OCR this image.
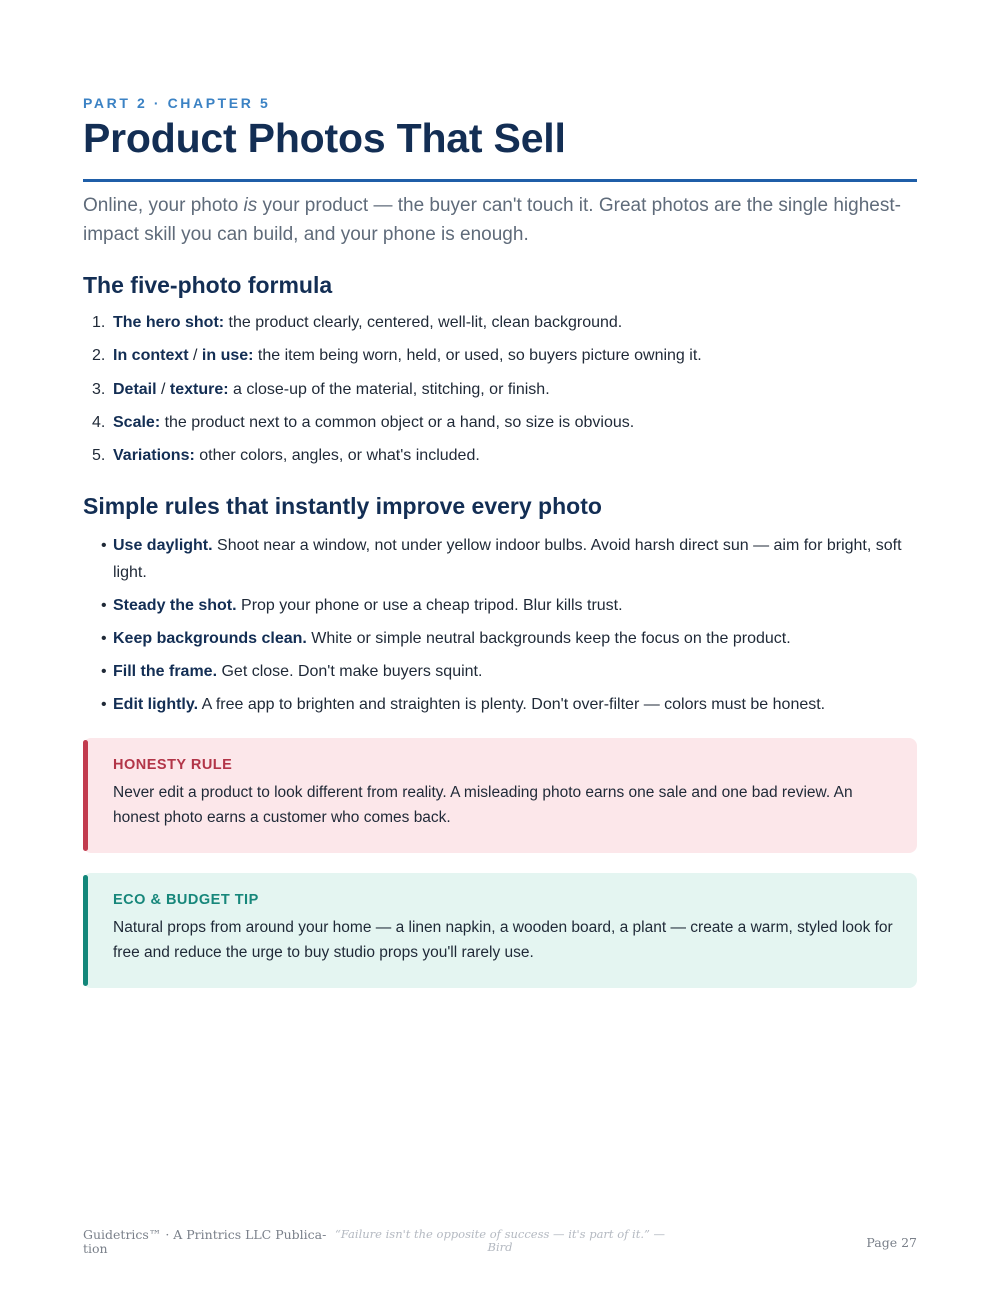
PART 2 · CHAPTER 5
Product Photos That Sell

Online, your photo is your product — the buyer can't touch it. Great photos are the single highest-impact skill you can build, and your phone is enough.

The five-photo formula
1. The hero shot: the product clearly, centered, well-lit, clean background.
2. In context / in use: the item being worn, held, or used, so buyers picture owning it.
3. Detail / texture: a close-up of the material, stitching, or finish.
4. Scale: the product next to a common object or a hand, so size is obvious.
5. Variations: other colors, angles, or what's included.
Simple rules that instantly improve every photo
• Use daylight. Shoot near a window, not under yellow indoor bulbs. Avoid harsh direct sun — aim for bright, soft light.
• Steady the shot. Prop your phone or use a cheap tripod. Blur kills trust.
• Keep backgrounds clean. White or simple neutral backgrounds keep the focus on the product.
• Fill the frame. Get close. Don't make buyers squint.
• Edit lightly. A free app to brighten and straighten is plenty. Don't over-filter — colors must be honest.
HONESTY RULE
Never edit a product to look different from reality. A misleading photo earns one sale and one bad review. An honest photo earns a customer who comes back.
ECO & BUDGET TIP
Natural props from around your home — a linen napkin, a wooden board, a plant — create a warm, styled look for free and reduce the urge to buy studio props you'll rarely use.
Guidetrics™ · A Printrics LLC Publica-tion
“Failure isn't the opposite of success — it's part of it.” — Bird	Page 27
